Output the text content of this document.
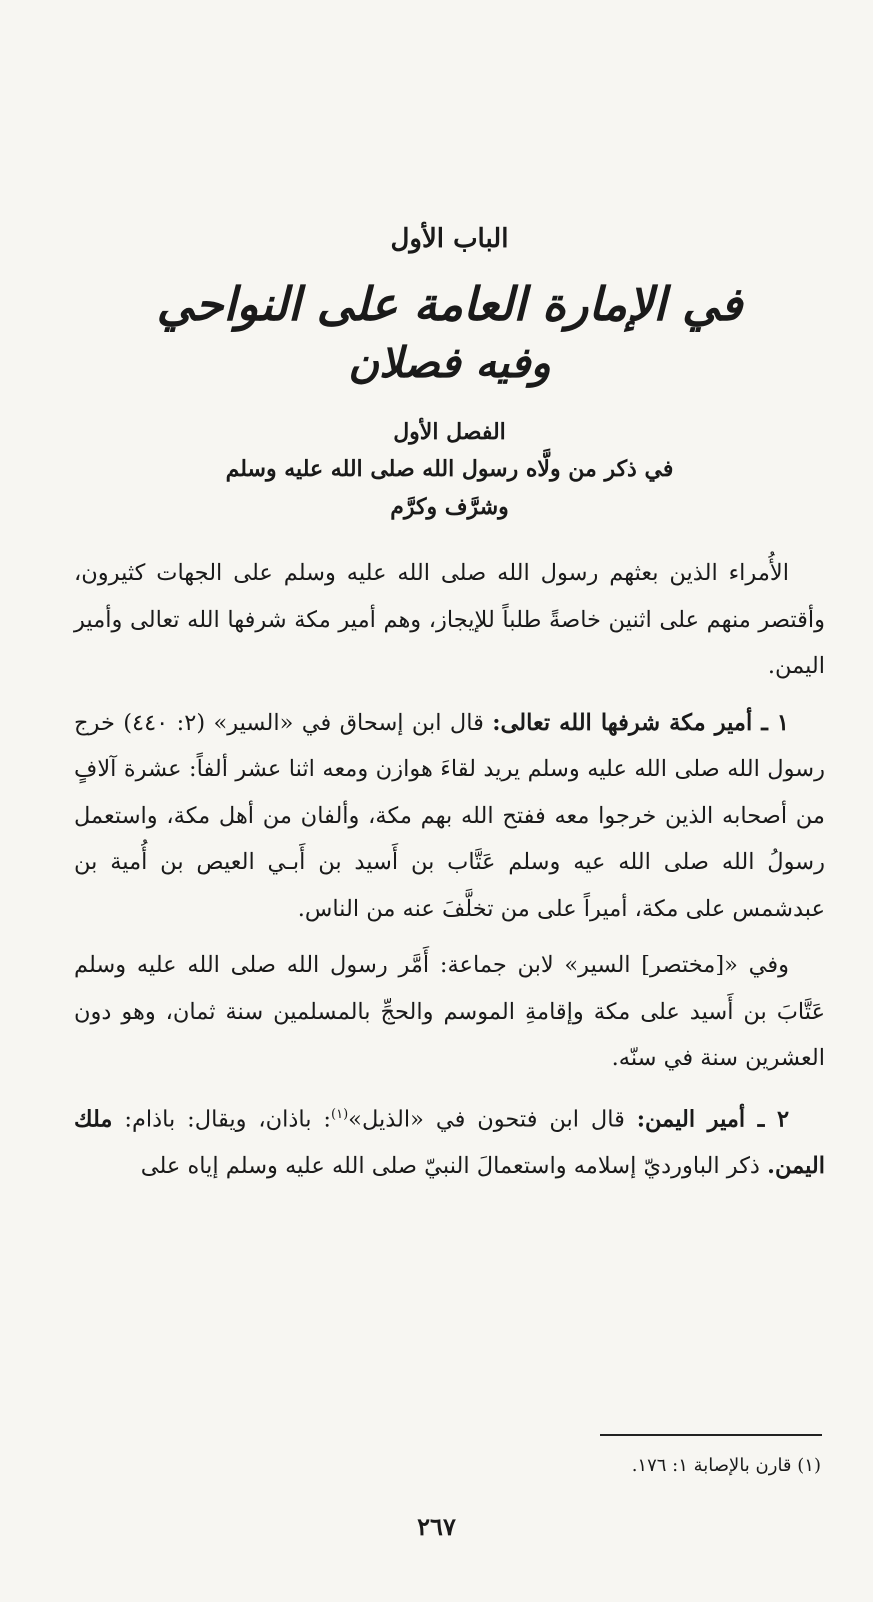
الباب الأول
في الإمارة العامة على النواحي
وفيه فصلان
الفصل الأول
في ذكر من ولَّاه رسول الله صلى الله عليه وسلم
وشرَّف وكرَّم

الأُمراء الذين بعثهم رسول الله صلى الله عليه وسلم على الجهات كثيرون، وأقتصر منهم على اثنين خاصةً طلباً للإيجاز، وهم أمير مكة شرفها الله تعالى وأمير اليمن.

١ ـ أمير مكة شرفها الله تعالى: قال ابن إسحاق في «السير» (٢: ٤٤٠) خرج رسول الله صلى الله عليه وسلم يريد لقاءَ هوازن ومعه اثنا عشر ألفاً: عشرة آلافٍ من أصحابه الذين خرجوا معه ففتح الله بهم مكة، وألفان من أهل مكة، واستعمل رسولُ الله صلى الله عيه وسلم عَتَّاب بن أَسيد بن أَبـي العيص بن أُمية بن عبدشمس على مكة، أميراً على من تخلَّفَ عنه من الناس.

وفي «[مختصر] السير» لابن جماعة: أَمَّر رسول الله صلى الله عليه وسلم عَتَّابَ بن أَسيد على مكة وإقامةِ الموسم والحجِّ بالمسلمين سنة ثمان، وهو دون العشرين سنة في سنّه.

٢ ـ أمير اليمن: قال ابن فتحون في «الذيل»$^{(١)}$: باذان، ويقال: باذام: ملك اليمن. ذكر الباورديّ إسلامه واستعمالَ النبيّ صلى الله عليه وسلم إياه على

(١) قارن بالإصابة ١: ١٧٦.
٢٦٧
